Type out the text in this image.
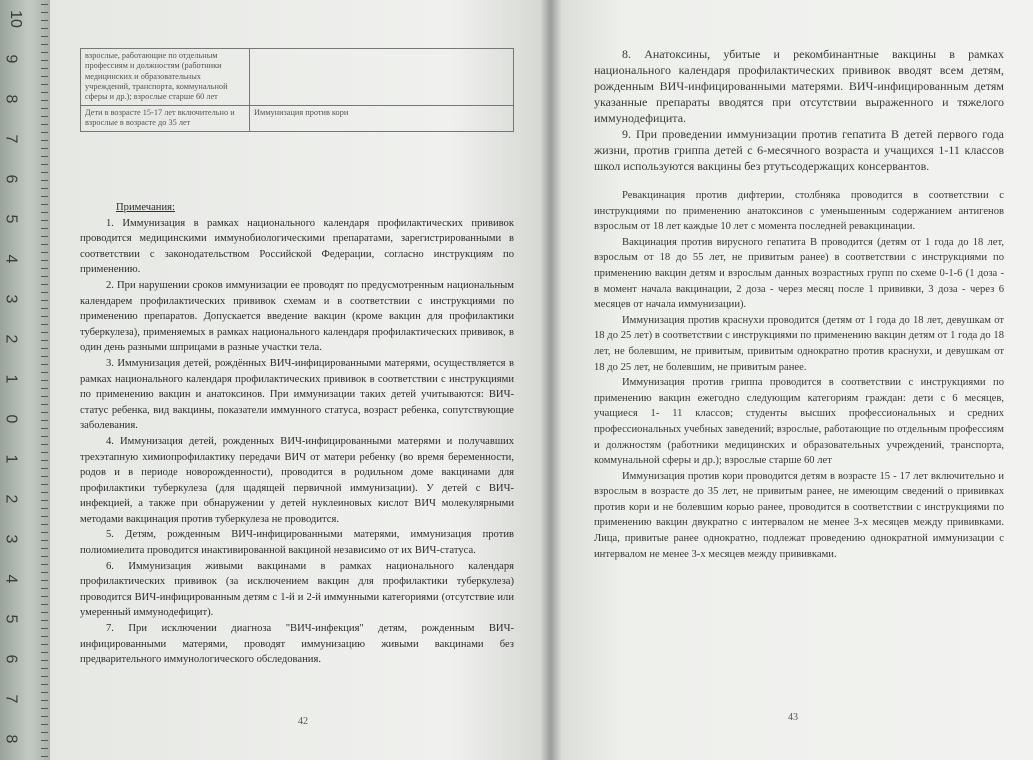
10
9
8
7
6
5
4
3
2
1
0
1
2
3
4
5
6
7
8
взрослые, работающие по отдельным профессиям и должностям (работники медицинских и образовательных учреждений, транспорта, коммунальной сферы и др.); взрослые старше 60 лет	
Дети в возрасте 15-17 лет включительно и взрослые в возрасте до 35 лет	Иммунизация против кори
Примечания:

1. Иммунизация в рамках национального календаря профилактических прививок проводится медицинскими иммунобиологическими препаратами, зарегистрированными в соответствии с законодательством Российской Федерации, согласно инструкциям по применению.

2. При нарушении сроков иммунизации ее проводят по предусмотренным национальным календарем профилактических прививок схемам и в соответствии с инструкциями по применению препаратов. Допускается введение вакцин (кроме вакцин для профилактики туберкулеза), применяемых в рамках национального календаря профилактических прививок, в один день разными шприцами в разные участки тела.

3. Иммунизация детей, рождённых ВИЧ-инфицированными матерями, осуществляется в рамках национального календаря профилактических прививок в соответствии с инструкциями по применению вакцин и анатоксинов. При иммунизации таких детей учитываются: ВИЧ-статус ребенка, вид вакцины, показатели иммунного статуса, возраст ребенка, сопутствующие заболевания.

4. Иммунизация детей, рожденных ВИЧ-инфицированными матерями и получавших трехэтапную химиопрофилактику передачи ВИЧ от матери ребенку (во время беременности, родов и в периоде новорожденности), проводится в родильном доме вакцинами для профилактики туберкулеза (для щадящей первичной иммунизации). У детей с ВИЧ-инфекцией, а также при обнаружении у детей нуклеиновых кислот ВИЧ молекулярными методами вакцинация против туберкулеза не проводится.

5. Детям, рожденным ВИЧ-инфицированными матерями, иммунизация против полиомиелита проводится инактивированной вакциной независимо от их ВИЧ-статуса.

6. Иммунизация живыми вакцинами в рамках национального календаря профилактических прививок (за исключением вакцин для профилактики туберкулеза) проводится ВИЧ-инфицированным детям с 1-й и 2-й иммунными категориями (отсутствие или умеренный иммунодефицит).

7. При исключении диагноза "ВИЧ-инфекция" детям, рожденным ВИЧ-инфицированными матерями, проводят иммунизацию живыми вакцинами без предварительного иммунологического обследования.

42

8. Анатоксины, убитые и рекомбинантные вакцины в рамках национального календаря профилактических прививок вводят всем детям, рожденным ВИЧ-инфицированными матерями. ВИЧ-инфицированным детям указанные препараты вводятся при отсутствии выраженного и тяжелого иммунодефицита.

9. При проведении иммунизации против гепатита В детей первого года жизни, против гриппа детей с 6-месячного возраста и учащихся 1-11 классов школ используются вакцины без ртутьсодержащих консервантов.

Ревакцинация против дифтерии, столбняка проводится в соответствии с инструкциями по применению анатоксинов с уменьшенным содержанием антигенов взрослым от 18 лет каждые 10 лет с момента последней ревакцинации.

Вакцинация против вирусного гепатита В проводится (детям от 1 года до 18 лет, взрослым от 18 до 55 лет, не привитым ранее) в соответствии с инструкциями по применению вакцин детям и взрослым данных возрастных групп по схеме 0-1-6 (1 доза - в момент начала вакцинации, 2 доза - через месяц после 1 прививки, 3 доза - через 6 месяцев от начала иммунизации).

Иммунизация против краснухи проводится (детям от 1 года до 18 лет, девушкам от 18 до 25 лет) в соответствии с инструкциями по применению вакцин детям от 1 года до 18 лет, не болевшим, не привитым, привитым однократно против краснухи, и девушкам от 18 до 25 лет, не болевшим, не привитым ранее.

Иммунизация против гриппа проводится в соответствии с инструкциями по применению вакцин ежегодно следующим категориям граждан: дети с 6 месяцев, учащиеся 1- 11 классов; студенты высших профессиональных и средних профессиональных учебных заведений; взрослые, работающие по отдельным профессиям и должностям (работники медицинских и образовательных учреждений, транспорта, коммунальной сферы и др.); взрослые старше 60 лет

Иммунизация против кори проводится детям в возрасте 15 - 17 лет включительно и взрослым в возрасте до 35 лет, не привитым ранее, не имеющим сведений о прививках против кори и не болевшим корью ранее, проводится в соответствии с инструкциями по применению вакцин двукратно с интервалом не менее 3-х месяцев между прививками. Лица, привитые ранее однократно, подлежат проведению однократной иммунизации с интервалом не менее 3-х месяцев между прививками.

43
